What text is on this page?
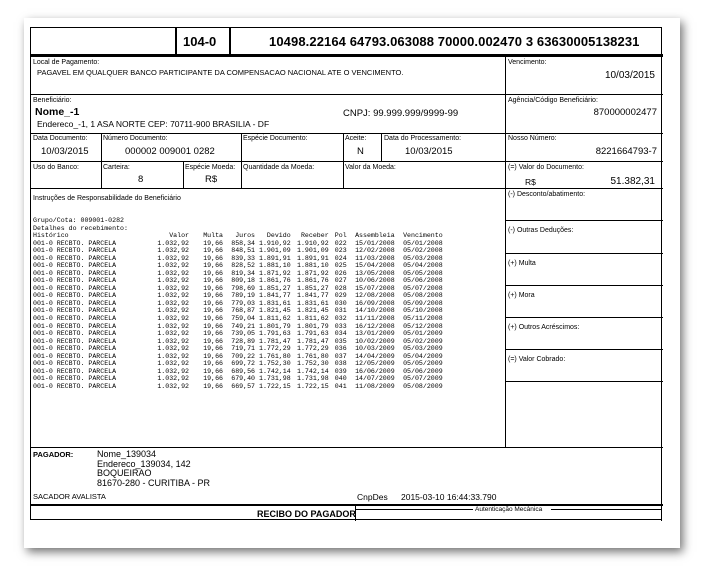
104-0	10498.22164 64793.063088 70000.002470 3 63630005138231
Local de Pagamento:
PAGAVEL EM QUALQUER BANCO PARTICIPANTE DA COMPENSACAO NACIONAL ATE O VENCIMENTO.
Vencimento:
10/03/2015
Beneficiário:
Nome_-1
Endereco_-1, 1 ASA NORTE CEP: 70711-900 BRASILIA - DF
CNPJ: 99.999.999/9999-99
Agência/Código Beneficiário:
870000002477
Data Documento:
10/03/2015
Número Documento:
000002 009001 0282
Espécie Documento:	Aceite:
N
Data do Processamento:
10/03/2015
Nosso Número:
8221664793-7
Uso do Banco:	Carteira:
8
Espécie Moeda:
R$
Quantidade da Moeda:	Valor da Moeda:	(=) Valor do Documento:
R$	51.382,31
Instruções de Responsabilidade do Beneficiário
Grupo/Cota: 009001-0282
Detalhes do recebimento:
Histórico	Valor	Multa	Juros	Devido	Receber	Pol	Assembleia	Vencimento
001-0 RECBTO. PARCELA	1.032,92	19,66	858,34	1.910,92	1.910,92	022	15/01/2008	05/01/2008
001-0 RECBTO. PARCELA	1.032,92	19,66	848,51	1.901,09	1.901,09	023	12/02/2008	05/02/2008
001-0 RECBTO. PARCELA	1.032,92	19,66	839,33	1.891,91	1.891,91	024	11/03/2008	05/03/2008
001-0 RECBTO. PARCELA	1.032,92	19,66	828,52	1.881,10	1.881,10	025	15/04/2008	05/04/2008
001-0 RECBTO. PARCELA	1.032,92	19,66	819,34	1.871,92	1.871,92	026	13/05/2008	05/05/2008
001-0 RECBTO. PARCELA	1.032,92	19,66	809,18	1.861,76	1.861,76	027	10/06/2008	05/06/2008
001-0 RECBTO. PARCELA	1.032,92	19,66	798,69	1.851,27	1.851,27	028	15/07/2008	05/07/2008
001-0 RECBTO. PARCELA	1.032,92	19,66	789,19	1.841,77	1.841,77	029	12/08/2008	05/08/2008
001-0 RECBTO. PARCELA	1.032,92	19,66	779,03	1.831,61	1.831,61	030	16/09/2008	05/09/2008
001-0 RECBTO. PARCELA	1.032,92	19,66	768,87	1.821,45	1.821,45	031	14/10/2008	05/10/2008
001-0 RECBTO. PARCELA	1.032,92	19,66	759,04	1.811,62	1.811,62	032	11/11/2008	05/11/2008
001-0 RECBTO. PARCELA	1.032,92	19,66	749,21	1.801,79	1.801,79	033	16/12/2008	05/12/2008
001-0 RECBTO. PARCELA	1.032,92	19,66	739,05	1.791,63	1.791,63	034	13/01/2009	05/01/2009
001-0 RECBTO. PARCELA	1.032,92	19,66	728,89	1.781,47	1.781,47	035	10/02/2009	05/02/2009
001-0 RECBTO. PARCELA	1.032,92	19,66	719,71	1.772,29	1.772,29	036	10/03/2009	05/03/2009
001-0 RECBTO. PARCELA	1.032,92	19,66	709,22	1.761,80	1.761,80	037	14/04/2009	05/04/2009
001-0 RECBTO. PARCELA	1.032,92	19,66	699,72	1.752,30	1.752,30	038	12/05/2009	05/05/2009
001-0 RECBTO. PARCELA	1.032,92	19,66	689,56	1.742,14	1.742,14	039	16/06/2009	05/06/2009
001-0 RECBTO. PARCELA	1.032,92	19,66	679,40	1.731,98	1.731,98	040	14/07/2009	05/07/2009
001-0 RECBTO. PARCELA	1.032,92	19,66	669,57	1.722,15	1.722,15	041	11/08/2009	05/08/2009
(-) Desconto/abatimento:
(-) Outras Deduções:
(+) Multa
(+) Mora
(+) Outros Acréscimos:
(=) Valor Cobrado:
PAGADOR:	Nome_139034
Endereco_139034, 142
BOQUEIRAO
81670-280 - CURITIBA - PR
SACADOR AVALISTA	CnpDes 2015-03-10 16:44:33.790
RECIBO DO PAGADOR	Autenticação Mecânica
